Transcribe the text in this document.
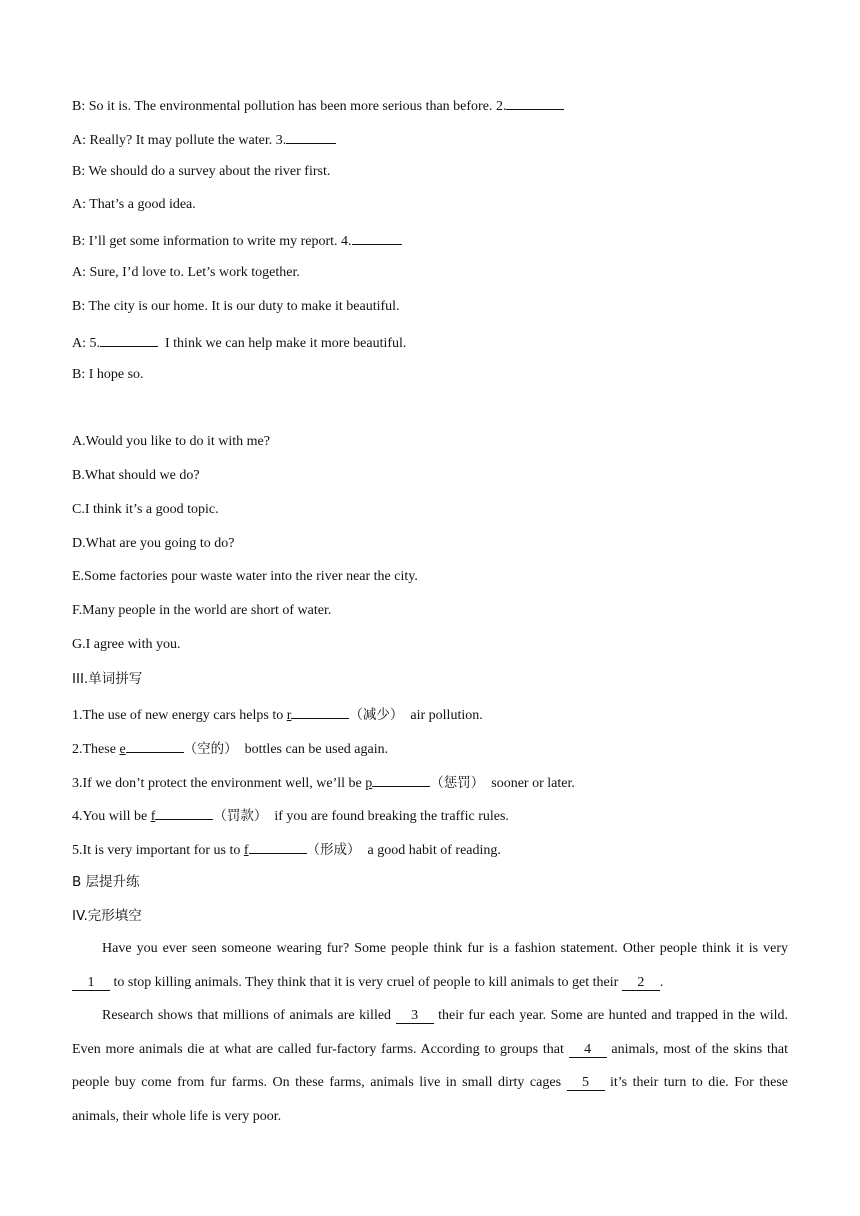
B: So it is. The environmental pollution has been more serious than before. 2.
A: Really? It may pollute the water. 3.
B: We should do a survey about the river first.
A: That’s a good idea.
B: I’ll get some information to write my report. 4.
A: Sure, I’d love to. Let’s work together.
B: The city is our home. It is our duty to make it beautiful.
A: 5.	I think we can help make it more beautiful.
B: I hope so.
A.Would you like to do it with me?
B.What should we do?
C.I think it’s a good topic.
D.What are you going to do?
E.Some factories pour waste water into the river near the city.
F.Many people in the world are short of water.
G.I agree with you.
III.单词拼写
1.The use of new energy cars helps to r	（减少）  air pollution.
2.These e	（空的）  bottles can be used again.
3.If we don’t protect the environment well, we’ll be p	（惩罚）  sooner or later.
4.You will be f	（罚款）  if you are found breaking the traffic rules.
5.It is very important for us to f	（形成）  a good habit of reading.
B 层提升练
IV.完形填空
Have you ever seen someone wearing fur? Some people think fur is a fashion statement. Other people think it is very 1 to stop killing animals. They think that it is very cruel of people to kill animals to get their 2 .
Research shows that millions of animals are killed 3 their fur each year. Some are hunted and trapped in the wild. Even more animals die at what are called fur-factory farms. According to groups that 4 animals, most of the skins that people buy come from fur farms. On these farms, animals live in small dirty cages 5 it’s their turn to die. For these animals, their whole life is very poor.
